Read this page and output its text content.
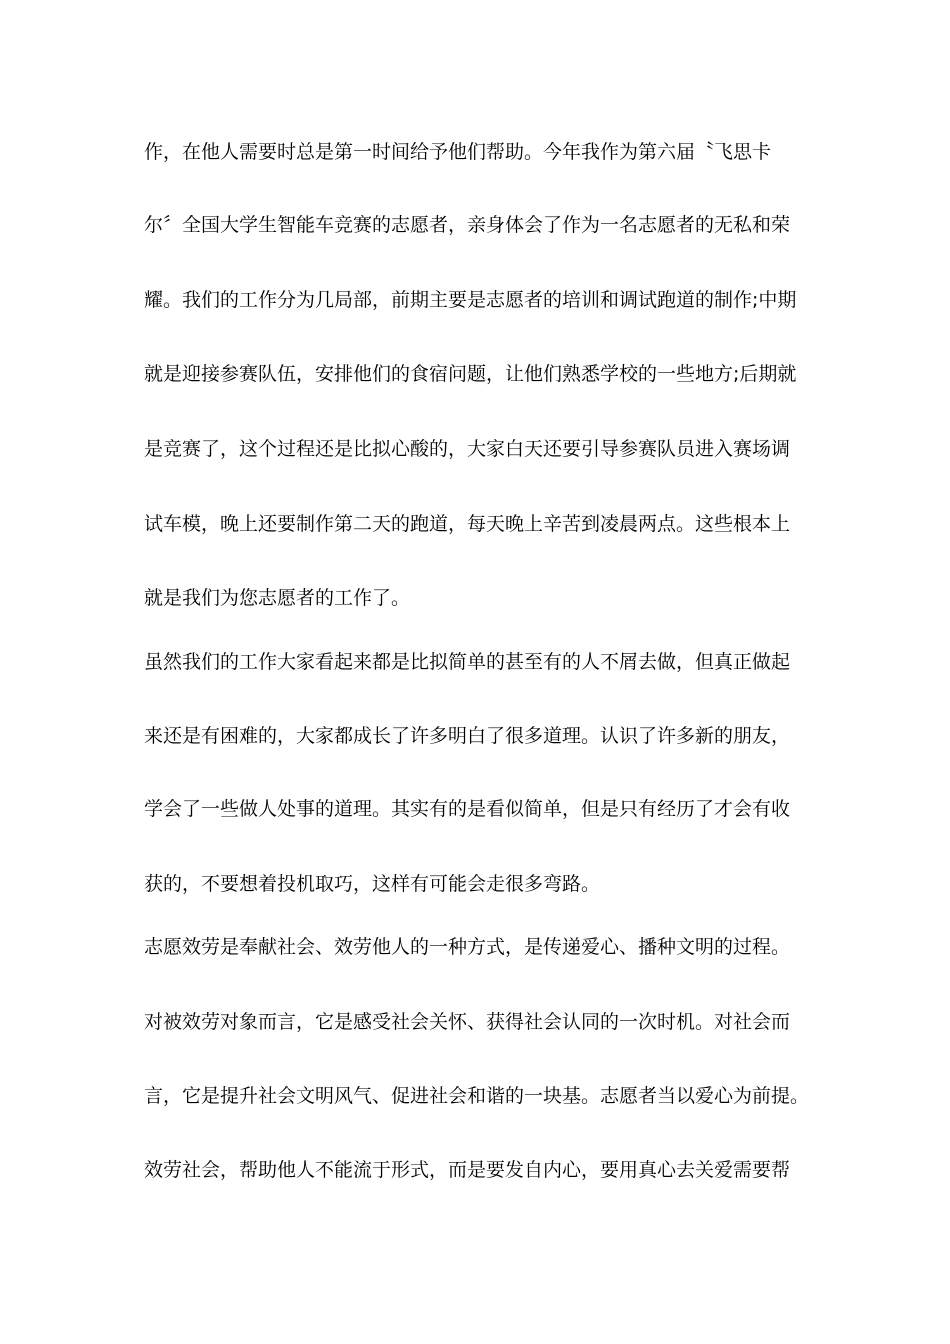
作，在他人需要时总是第一时间给予他们帮助。今年我作为第六届〝飞思卡
尔〞全国大学生智能车竞赛的志愿者，亲身体会了作为一名志愿者的无私和荣
耀。我们的工作分为几局部，前期主要是志愿者的培训和调试跑道的制作;中期
就是迎接参赛队伍，安排他们的食宿问题，让他们熟悉学校的一些地方;后期就
是竞赛了，这个过程还是比拟心酸的，大家白天还要引导参赛队员进入赛场调
试车模，晚上还要制作第二天的跑道，每天晚上辛苦到凌晨两点。这些根本上
就是我们为您志愿者的工作了。
虽然我们的工作大家看起来都是比拟简单的甚至有的人不屑去做，但真正做起
来还是有困难的，大家都成长了许多明白了很多道理。认识了许多新的朋友，
学会了一些做人处事的道理。其实有的是看似简单，但是只有经历了才会有收
获的，不要想着投机取巧，这样有可能会走很多弯路。
志愿效劳是奉献社会、效劳他人的一种方式，是传递爱心、播种文明的过程。
对被效劳对象而言，它是感受社会关怀、获得社会认同的一次时机。对社会而
言，它是提升社会文明风气、促进社会和谐的一块基。志愿者当以爱心为前提。
效劳社会，帮助他人不能流于形式，而是要发自内心，要用真心去关爱需要帮
